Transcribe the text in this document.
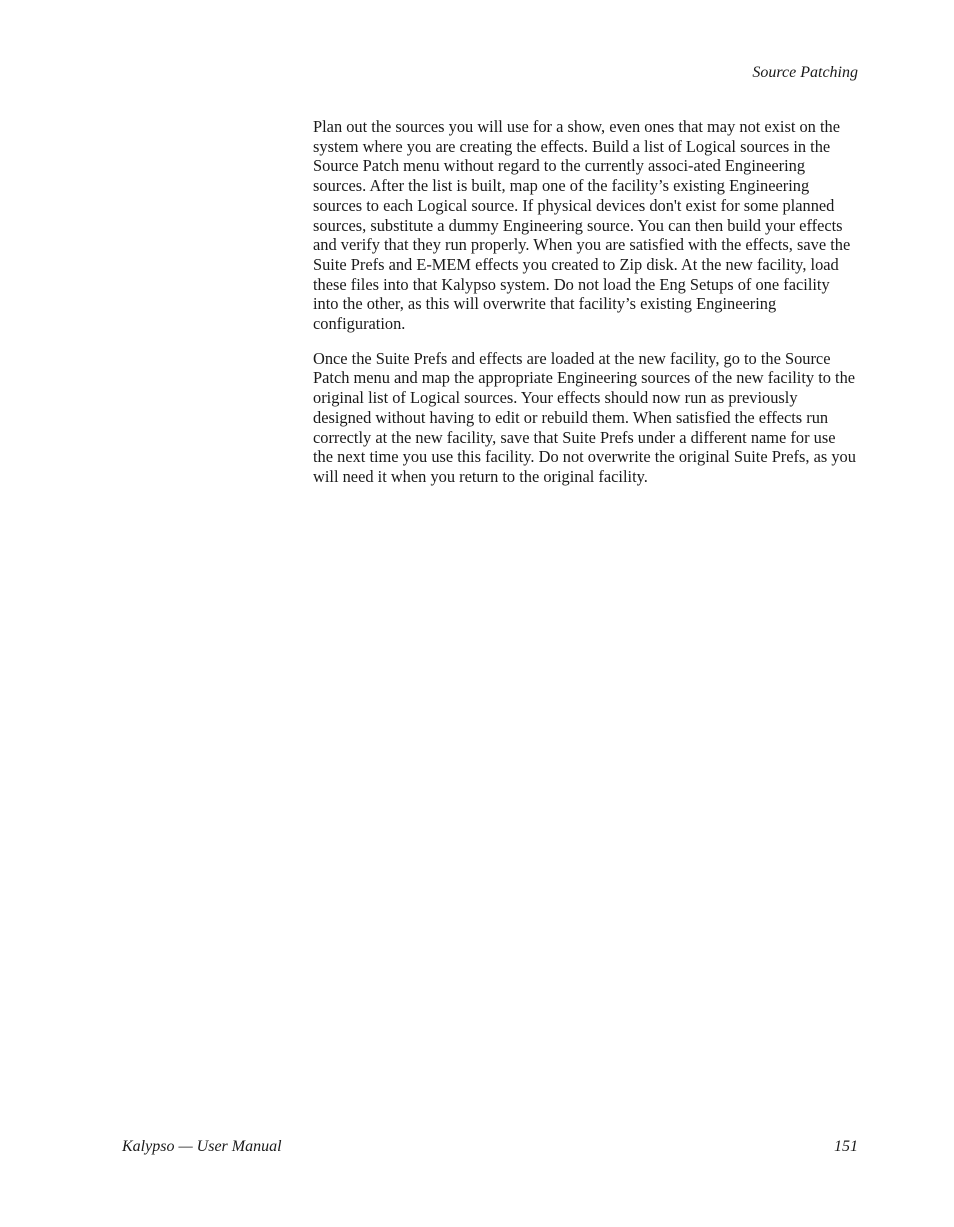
Source Patching

Plan out the sources you will use for a show, even ones that may not exist on the system where you are creating the effects. Build a list of Logical sources in the Source Patch menu without regard to the currently associ-ated Engineering sources. After the list is built, map one of the facility’s existing Engineering sources to each Logical source. If physical devices don't exist for some planned sources, substitute a dummy Engineering source. You can then build your effects and verify that they run properly. When you are satisfied with the effects, save the Suite Prefs and E-MEM effects you created to Zip disk. At the new facility, load these files into that Kalypso system. Do not load the Eng Setups of one facility into the other, as this will overwrite that facility’s existing Engineering configuration.

Once the Suite Prefs and effects are loaded at the new facility, go to the Source Patch menu and map the appropriate Engineering sources of the new facility to the original list of Logical sources. Your effects should now run as previously designed without having to edit or rebuild them. When satisfied the effects run correctly at the new facility, save that Suite Prefs under a different name for use the next time you use this facility. Do not overwrite the original Suite Prefs, as you will need it when you return to the original facility.

Kalypso — User Manual	151
